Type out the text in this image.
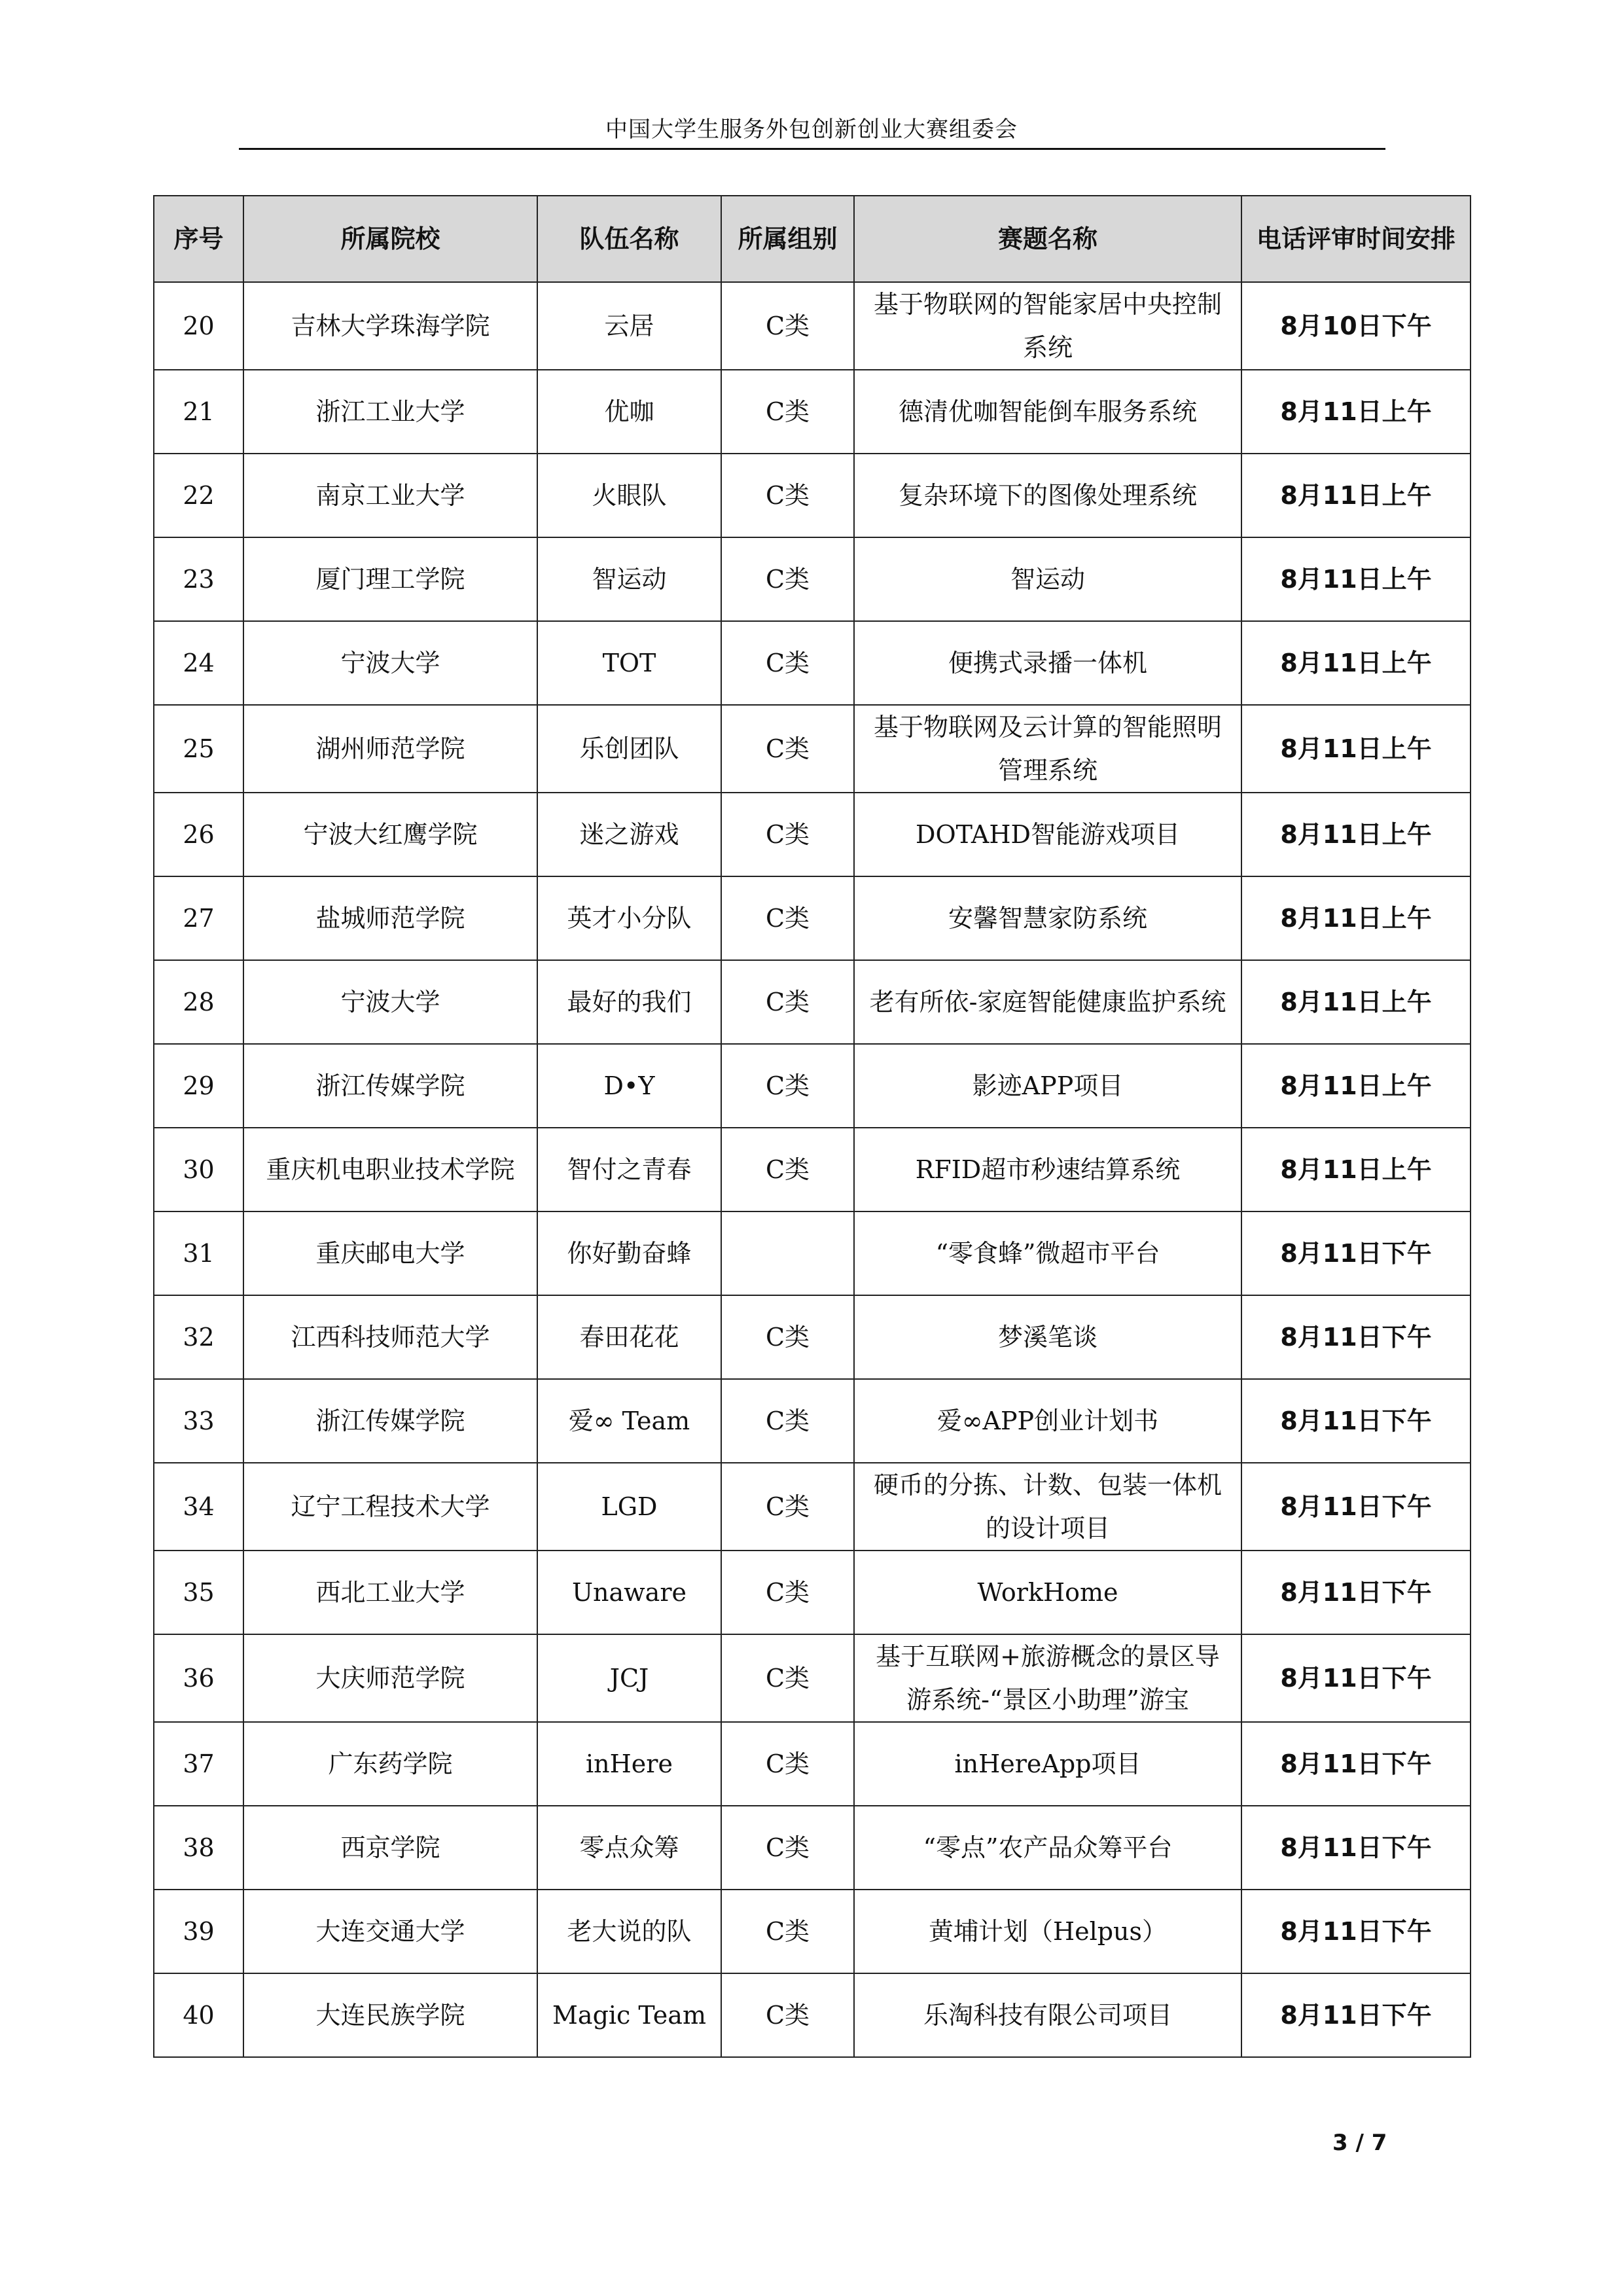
中国大学生服务外包创新创业大赛组委会
序号	所属院校	队伍名称	所属组别	赛题名称	电话评审时间安排
20	吉林大学珠海学院	云居	C类	基于物联网的智能家居中央控制系统	8月10日下午
21	浙江工业大学	优咖	C类	德清优咖智能倒车服务系统	8月11日上午
22	南京工业大学	火眼队	C类	复杂环境下的图像处理系统	8月11日上午
23	厦门理工学院	智运动	C类	智运动	8月11日上午
24	宁波大学	TOT	C类	便携式录播一体机	8月11日上午
25	湖州师范学院	乐创团队	C类	基于物联网及云计算的智能照明管理系统	8月11日上午
26	宁波大红鹰学院	迷之游戏	C类	DOTAHD智能游戏项目	8月11日上午
27	盐城师范学院	英才小分队	C类	安馨智慧家防系统	8月11日上午
28	宁波大学	最好的我们	C类	老有所依-家庭智能健康监护系统	8月11日上午
29	浙江传媒学院	D•Y	C类	影迹APP项目	8月11日上午
30	重庆机电职业技术学院	智付之青春	C类	RFID超市秒速结算系统	8月11日上午
31	重庆邮电大学	你好勤奋蜂		“零食蜂”微超市平台	8月11日下午
32	江西科技师范大学	春田花花	C类	梦溪笔谈	8月11日下午
33	浙江传媒学院	爱∞ Team	C类	爱∞APP创业计划书	8月11日下午
34	辽宁工程技术大学	LGD	C类	硬币的分拣、计数、包装一体机的设计项目	8月11日下午
35	西北工业大学	Unaware	C类	WorkHome	8月11日下午
36	大庆师范学院	JCJ	C类	基于互联网+旅游概念的景区导游系统-“景区小助理”游宝	8月11日下午
37	广东药学院	inHere	C类	inHereApp项目	8月11日下午
38	西京学院	零点众筹	C类	“零点”农产品众筹平台	8月11日下午
39	大连交通大学	老大说的队	C类	黄埔计划（Helpus）	8月11日下午
40	大连民族学院	Magic Team	C类	乐淘科技有限公司项目	8月11日下午
3 / 7
